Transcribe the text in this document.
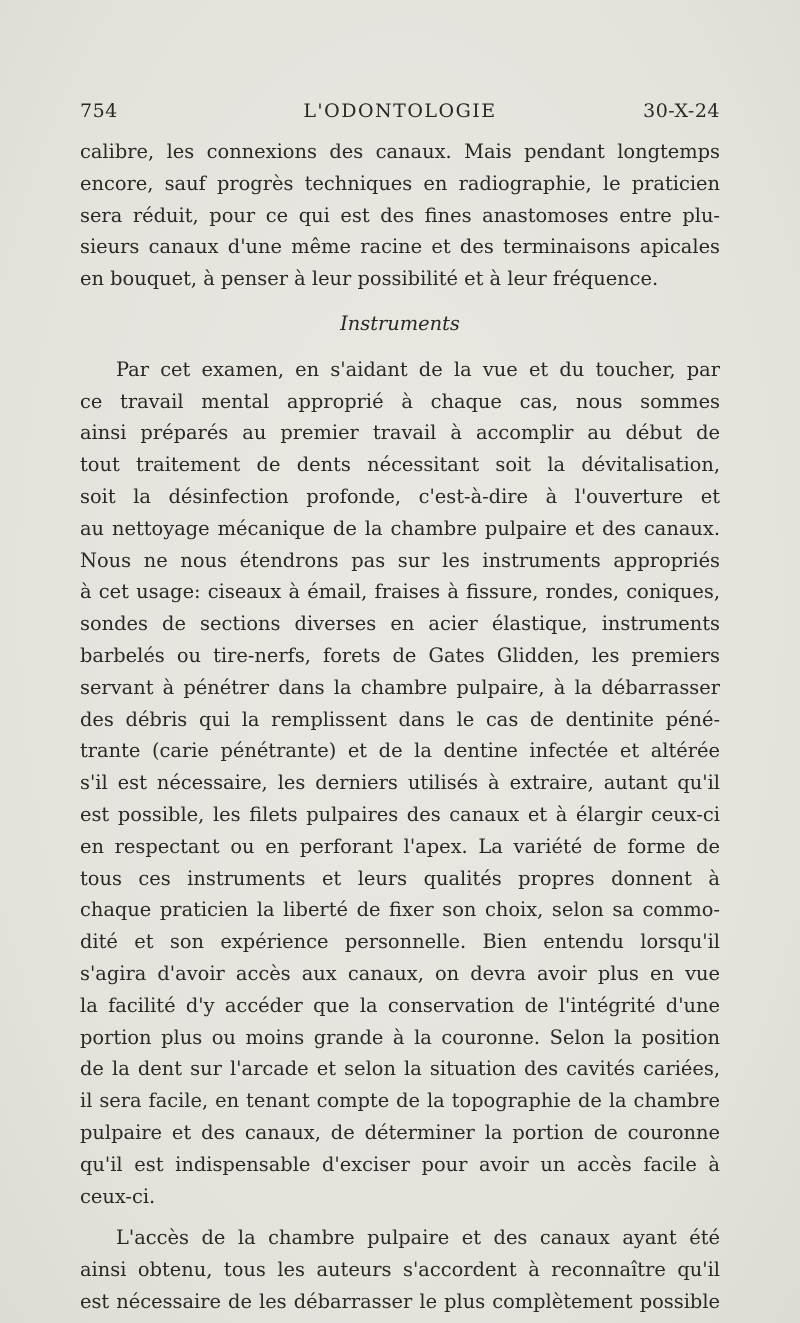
754	L'ODONTOLOGIE	30-X-24
calibre, les connexions des canaux. Mais pendant longtemps
encore, sauf progrès techniques en radiographie, le praticien
sera réduit, pour ce qui est des fines anastomoses entre plu-
sieurs canaux d'une même racine et des terminaisons apicales
en bouquet, à penser à leur possibilité et à leur fréquence.
Instruments
Par cet examen, en s'aidant de la vue et du toucher, par
ce travail mental approprié à chaque cas, nous sommes
ainsi préparés au premier travail à accomplir au début de
tout traitement de dents nécessitant soit la dévitalisation,
soit la désinfection profonde, c'est-à-dire à l'ouverture et
au nettoyage mécanique de la chambre pulpaire et des canaux.
Nous ne nous étendrons pas sur les instruments appropriés
à cet usage: ciseaux à émail, fraises à fissure, rondes, coniques,
sondes de sections diverses en acier élastique, instruments
barbelés ou tire-nerfs, forets de Gates Glidden, les premiers
servant à pénétrer dans la chambre pulpaire, à la débarrasser
des débris qui la remplissent dans le cas de dentinite péné-
trante (carie pénétrante) et de la dentine infectée et altérée
s'il est nécessaire, les derniers utilisés à extraire, autant qu'il
est possible, les filets pulpaires des canaux et à élargir ceux-ci
en respectant ou en perforant l'apex. La variété de forme de
tous ces instruments et leurs qualités propres donnent à
chaque praticien la liberté de fixer son choix, selon sa commo-
dité et son expérience personnelle. Bien entendu lorsqu'il
s'agira d'avoir accès aux canaux, on devra avoir plus en vue
la facilité d'y accéder que la conservation de l'intégrité d'une
portion plus ou moins grande à la couronne. Selon la position
de la dent sur l'arcade et selon la situation des cavités cariées,
il sera facile, en tenant compte de la topographie de la chambre
pulpaire et des canaux, de déterminer la portion de couronne
qu'il est indispensable d'exciser pour avoir un accès facile à
ceux-ci.
L'accès de la chambre pulpaire et des canaux ayant été
ainsi obtenu, tous les auteurs s'accordent à reconnaître qu'il
est nécessaire de les débarrasser le plus complètement possible
